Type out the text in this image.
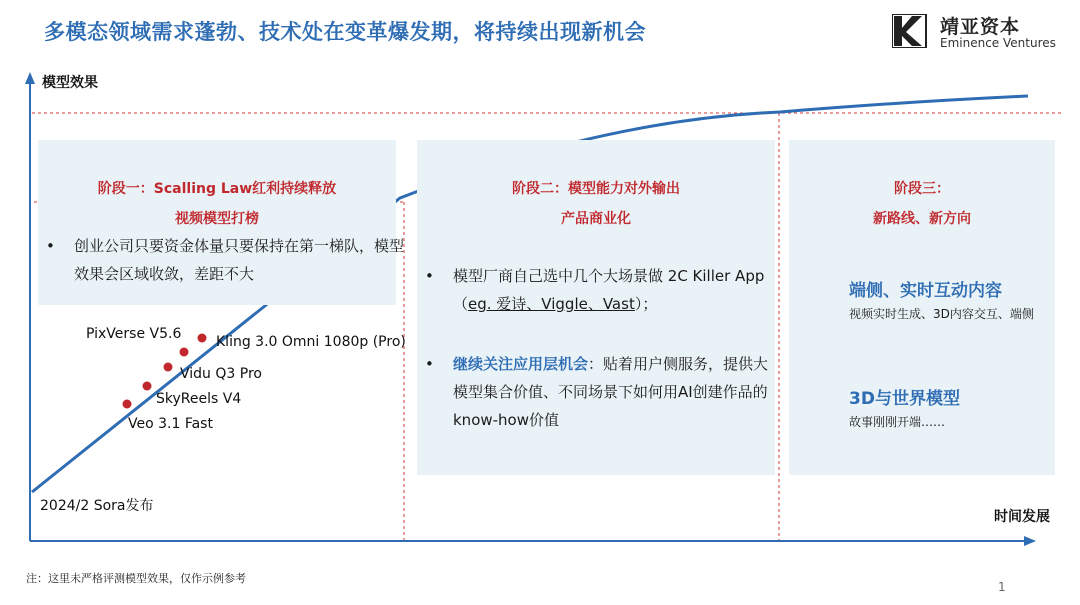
多模态领域需求蓬勃、技术处在变革爆发期，将持续出现新机会	靖亚资本
Eminence Ventures
模型效果
时间发展
阶段一：Scalling Law红利持续释放
视频模型打榜
• 创业公司只要资金体量只要保持在第一梯队，模型效果会区域收敛，差距不大
阶段二：模型能力对外输出
产品商业化
• 模型厂商自己选中几个大场景做 2C Killer App（eg. 爱诗、Viggle、Vast）；
• 继续关注应用层机会：贴着用户侧服务，提供大模型集合价值、不同场景下如何用AI创建作品的know-how价值
阶段三：
新路线、新方向
端侧、实时互动内容
视频实时生成、3D内容交互、端侧
3D与世界模型
故事刚刚开端……
PixVerse V5.6 Kling 3.0 Omni 1080p (Pro)
Vidu Q3 Pro
SkyReels V4
Veo 3.1 Fast
2024/2 Sora发布
注：这里未严格评测模型效果，仅作示例参考
1
